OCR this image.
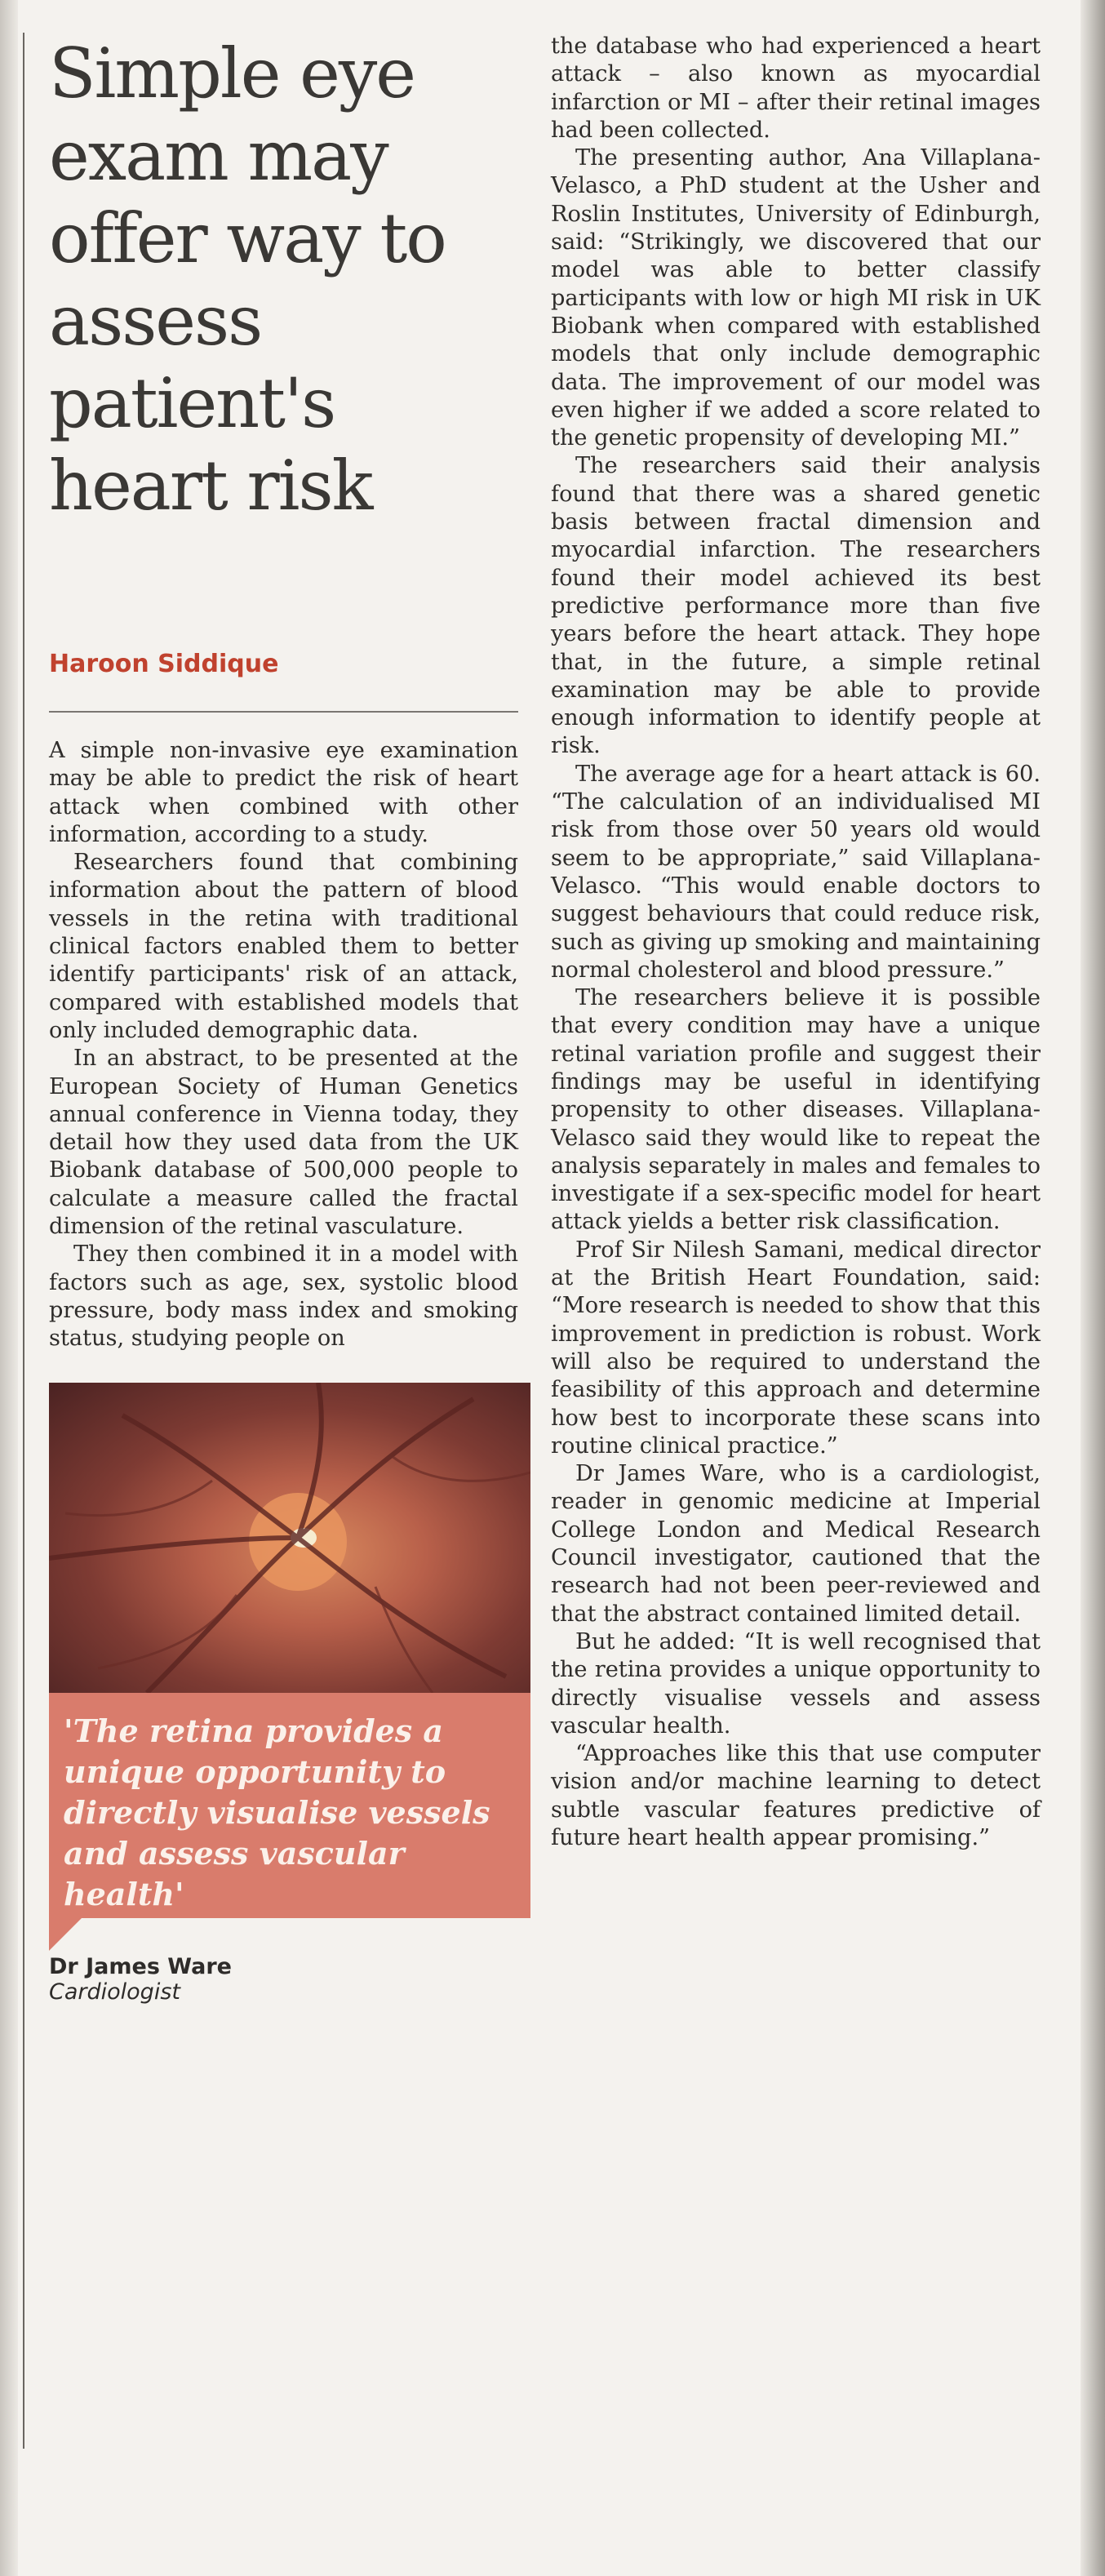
Simple eye exam may offer way to assess patient's heart risk
Haroon Siddique

A simple non-invasive eye examination may be able to predict the risk of heart attack when combined with other information, according to a study.

Researchers found that combining information about the pattern of blood vessels in the retina with traditional clinical factors enabled them to better identify participants' risk of an attack, compared with established models that only included demographic data.

In an abstract, to be presented at the European Society of Human Genetics annual conference in Vienna today, they detail how they used data from the UK Biobank database of 500,000 people to calculate a measure called the fractal dimension of the retinal vasculature.

They then combined it in a model with factors such as age, sex, systolic blood pressure, body mass index and smoking status, studying people on

'The retina provides a unique opportunity to directly visualise vessels and assess vascular health'
Dr James Ware
Cardiologist

the database who had experienced a heart attack – also known as myocardial infarction or MI – after their retinal images had been collected.

The presenting author, Ana Villaplana-Velasco, a PhD student at the Usher and Roslin Institutes, University of Edinburgh, said: “Strikingly, we discovered that our model was able to better classify participants with low or high MI risk in UK Biobank when compared with established models that only include demographic data. The improvement of our model was even higher if we added a score related to the genetic propensity of developing MI.”

The researchers said their analysis found that there was a shared genetic basis between fractal dimension and myocardial infarction. The researchers found their model achieved its best predictive performance more than five years before the heart attack. They hope that, in the future, a simple retinal examination may be able to provide enough information to identify people at risk.

The average age for a heart attack is 60. “The calculation of an individualised MI risk from those over 50 years old would seem to be appropriate,” said Villaplana-Velasco. “This would enable doctors to suggest behaviours that could reduce risk, such as giving up smoking and maintaining normal cholesterol and blood pressure.”

The researchers believe it is possible that every condition may have a unique retinal variation profile and suggest their findings may be useful in identifying propensity to other diseases. Villaplana-Velasco said they would like to repeat the analysis separately in males and females to investigate if a sex-specific model for heart attack yields a better risk classification.

Prof Sir Nilesh Samani, medical director at the British Heart Foundation, said: “More research is needed to show that this improvement in prediction is robust. Work will also be required to understand the feasibility of this approach and determine how best to incorporate these scans into routine clinical practice.”

Dr James Ware, who is a cardiologist, reader in genomic medicine at Imperial College London and Medical Research Council investigator, cautioned that the research had not been peer-reviewed and that the abstract contained limited detail.

But he added: “It is well recognised that the retina provides a unique opportunity to directly visualise vessels and assess vascular health.

“Approaches like this that use computer vision and/or machine learning to detect subtle vascular features predictive of future heart health appear promising.”
